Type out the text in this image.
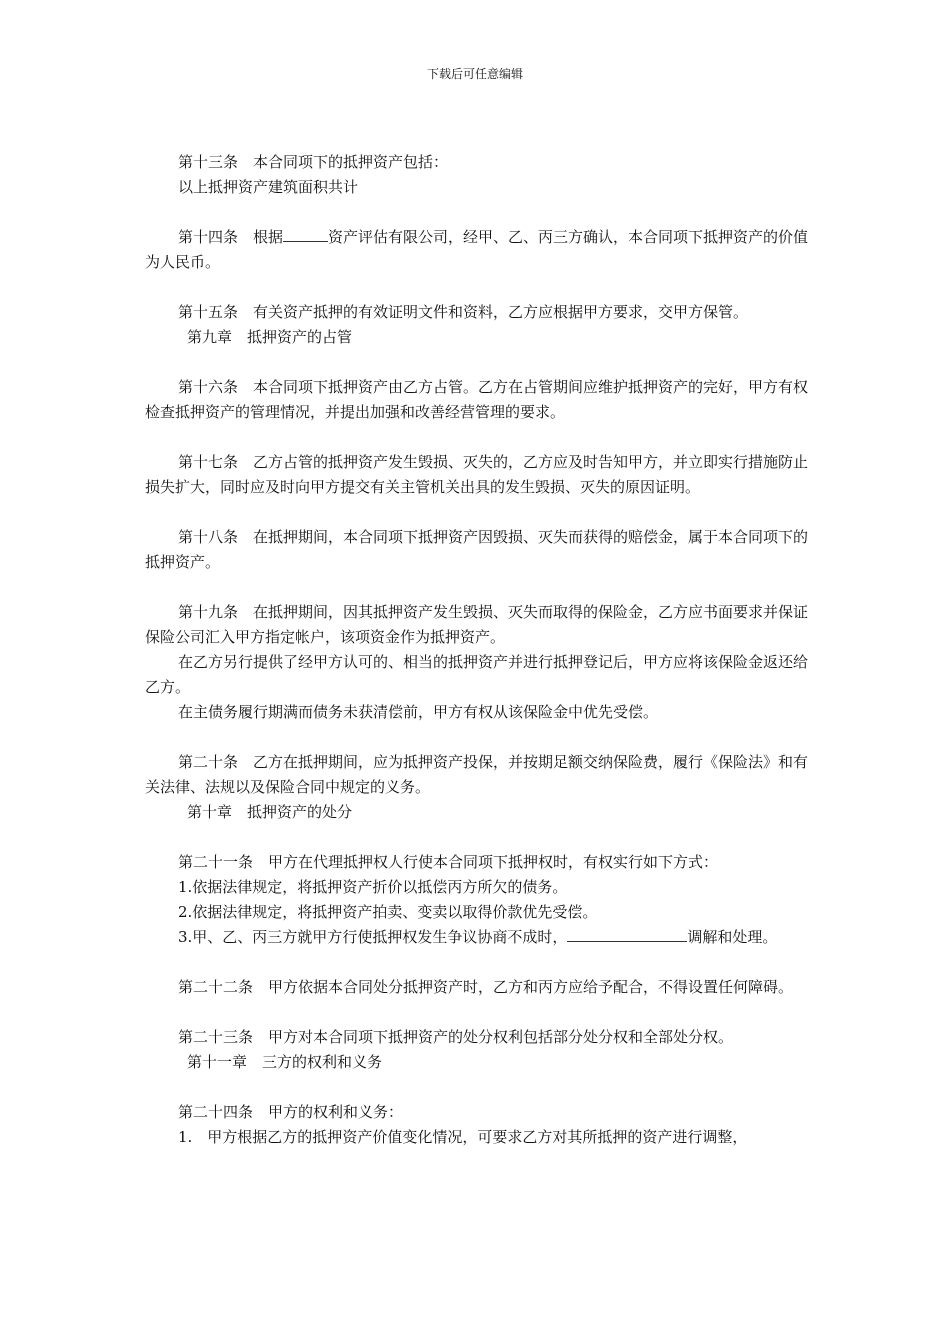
下载后可任意编辑

第十三条　本合同项下的抵押资产包括：

以上抵押资产建筑面积共计

第十四条　根据	资产评估有限公司，经甲、乙、丙三方确认，本合同项下抵押资产的价值为人民币。

第十五条　有关资产抵押的有效证明文件和资料，乙方应根据甲方要求，交甲方保管。

第九章　抵押资产的占管

第十六条　本合同项下抵押资产由乙方占管。乙方在占管期间应维护抵押资产的完好，甲方有权检查抵押资产的管理情况，并提出加强和改善经营管理的要求。

第十七条　乙方占管的抵押资产发生毁损、灭失的，乙方应及时告知甲方，并立即实行措施防止损失扩大，同时应及时向甲方提交有关主管机关出具的发生毁损、灭失的原因证明。

第十八条　在抵押期间，本合同项下抵押资产因毁损、灭失而获得的赔偿金，属于本合同项下的抵押资产。

第十九条　在抵押期间，因其抵押资产发生毁损、灭失而取得的保险金，乙方应书面要求并保证保险公司汇入甲方指定帐户，该项资金作为抵押资产。

在乙方另行提供了经甲方认可的、相当的抵押资产并进行抵押登记后，甲方应将该保险金返还给乙方。

在主债务履行期满而债务未获清偿前，甲方有权从该保险金中优先受偿。

第二十条　乙方在抵押期间，应为抵押资产投保，并按期足额交纳保险费，履行《保险法》和有关法律、法规以及保险合同中规定的义务。

第十章　抵押资产的处分

第二十一条　甲方在代理抵押权人行使本合同项下抵押权时，有权实行如下方式：

1.依据法律规定，将抵押资产折价以抵偿丙方所欠的债务。

2.依据法律规定，将抵押资产拍卖、变卖以取得价款优先受偿。

3.甲、乙、丙三方就甲方行使抵押权发生争议协商不成时，	调解和处理。

第二十二条　甲方依据本合同处分抵押资产时，乙方和丙方应给予配合，不得设置任何障碍。

第二十三条　甲方对本合同项下抵押资产的处分权利包括部分处分权和全部处分权。

第十一章　三方的权利和义务

第二十四条　甲方的权利和义务：

1.　甲方根据乙方的抵押资产价值变化情况，可要求乙方对其所抵押的资产进行调整，
